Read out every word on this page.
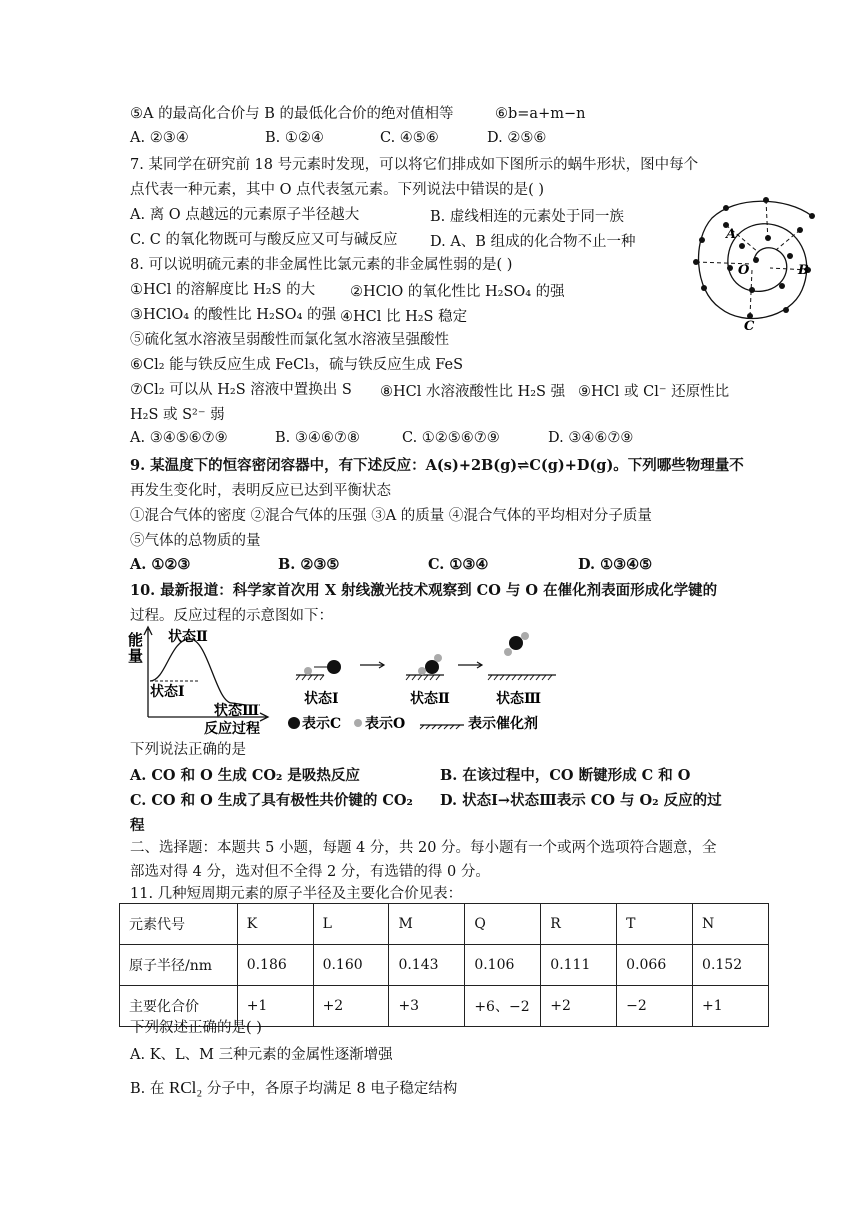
⑤A 的最高化合价与 B 的最低化合价的绝对值相等	⑥b=a+m−n
A. ②③④	B. ①②④	C. ④⑤⑥	D. ②⑤⑥
7. 某同学在研究前 18 号元素时发现，可以将它们排成如下图所示的蜗牛形状，图中每个
点代表一种元素，其中 O 点代表氢元素。下列说法中错误的是( )
A. 离 O 点越远的元素原子半径越大	B. 虚线相连的元素处于同一族
C. C 的氧化物既可与酸反应又可与碱反应 D. A、B 组成的化合物不止一种	A
B
C
O
8. 可以说明硫元素的非金属性比氯元素的非金属性弱的是( )
①HCl 的溶解度比 H₂S 的大 ②HClO 的氧化性比 H₂SO₄ 的强
③HClO₄ 的酸性比 H₂SO₄ 的强 ④HCl 比 H₂S 稳定
⑤硫化氢水溶液呈弱酸性而氯化氢水溶液呈强酸性
⑥Cl₂ 能与铁反应生成 FeCl₃，硫与铁反应生成 FeS
⑦Cl₂ 可以从 H₂S 溶液中置换出 S ⑧HCl 水溶液酸性比 H₂S 强 ⑨HCl 或 Cl⁻ 还原性比
H₂S 或 S²⁻ 弱
A. ③④⑤⑥⑦⑨	B. ③④⑥⑦⑧	C. ①②⑤⑥⑦⑨	D. ③④⑥⑦⑨
9. 某温度下的恒容密闭容器中，有下述反应：A(s)+2B(g)⇌C(g)+D(g)。下列哪些物理量不
再发生变化时，表明反应已达到平衡状态
①混合气体的密度 ②混合气体的压强 ③A 的质量 ④混合气体的平均相对分子质量
⑤气体的总物质的量
A. ①②③	B. ②③⑤	C. ①③④	D. ①③④⑤
10. 最新报道：科学家首次用 X 射线激光技术观察到 CO 与 O 在催化剂表面形成化学键的
过程。反应过程的示意图如下：
能
量
状态Ⅱ
状态Ⅰ
状态Ⅲ
反应过程
状态Ⅰ	状态Ⅱ	状态Ⅲ
表示C 表示O	表示催化剂
下列说法正确的是
A. CO 和 O 生成 CO₂ 是吸热反应	B. 在该过程中，CO 断键形成 C 和 O
C. CO 和 O 生成了具有极性共价键的 CO₂ D. 状态Ⅰ→状态Ⅲ表示 CO 与 O₂ 反应的过
程
二、选择题：本题共 5 小题，每题 4 分，共 20 分。每小题有一个或两个选项符合题意，全
部选对得 4 分，选对但不全得 2 分，有选错的得 0 分。
11. 几种短周期元素的原子半径及主要化合价见表：
元素代号	K	L	M	Q	R	T	N
原子半径/nm	0.186	0.160	0.143	0.106	0.111	0.066	0.152
主要化合价	+1	+2	+3	+6、−2	+2	−2	+1
下列叙述正确的是( )
A. K、L、M 三种元素的金属性逐渐增强
B. 在 RCl₂ 分子中，各原子均满足 8 电子稳定结构
